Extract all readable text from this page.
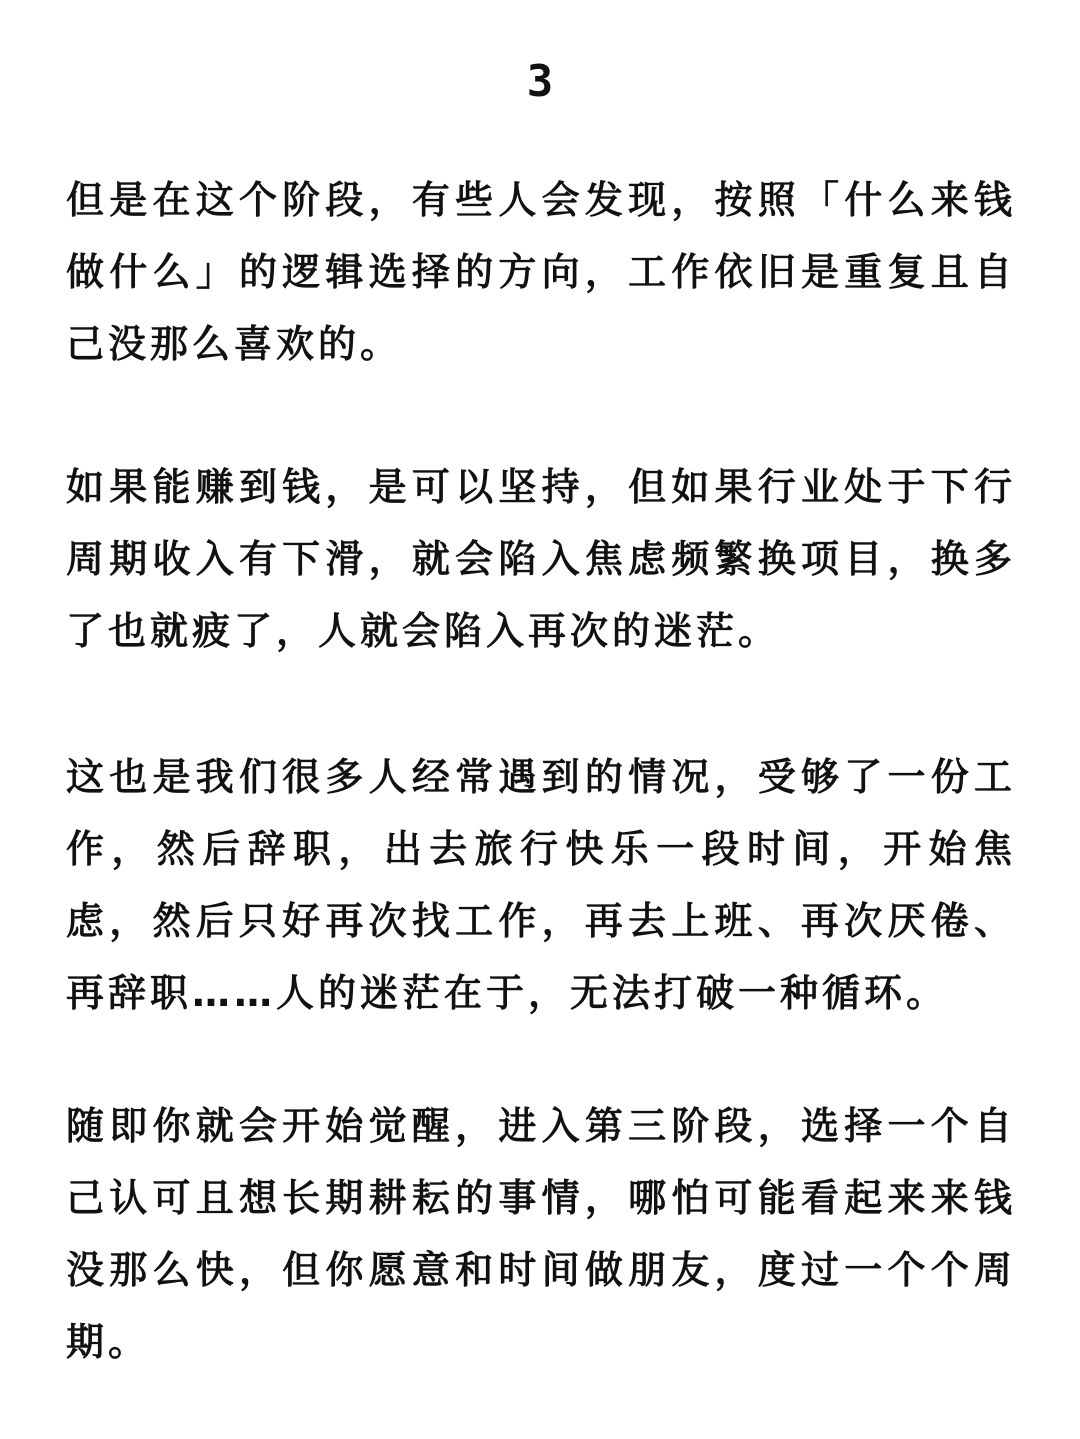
3

但是在这个阶段，有些人会发现，按照「什么来钱做什么」的逻辑选择的方向，工作依旧是重复且自己没那么喜欢的。

如果能赚到钱，是可以坚持，但如果行业处于下行周期收入有下滑，就会陷入焦虑频繁换项目，换多了也就疲了，人就会陷入再次的迷茫。

这也是我们很多人经常遇到的情况，受够了一份工作，然后辞职，出去旅行快乐一段时间，开始焦虑，然后只好再次找工作，再去上班、再次厌倦、再辞职……人的迷茫在于，无法打破一种循环。

随即你就会开始觉醒，进入第三阶段，选择一个自己认可且想长期耕耘的事情，哪怕可能看起来来钱没那么快，但你愿意和时间做朋友，度过一个个周期。
